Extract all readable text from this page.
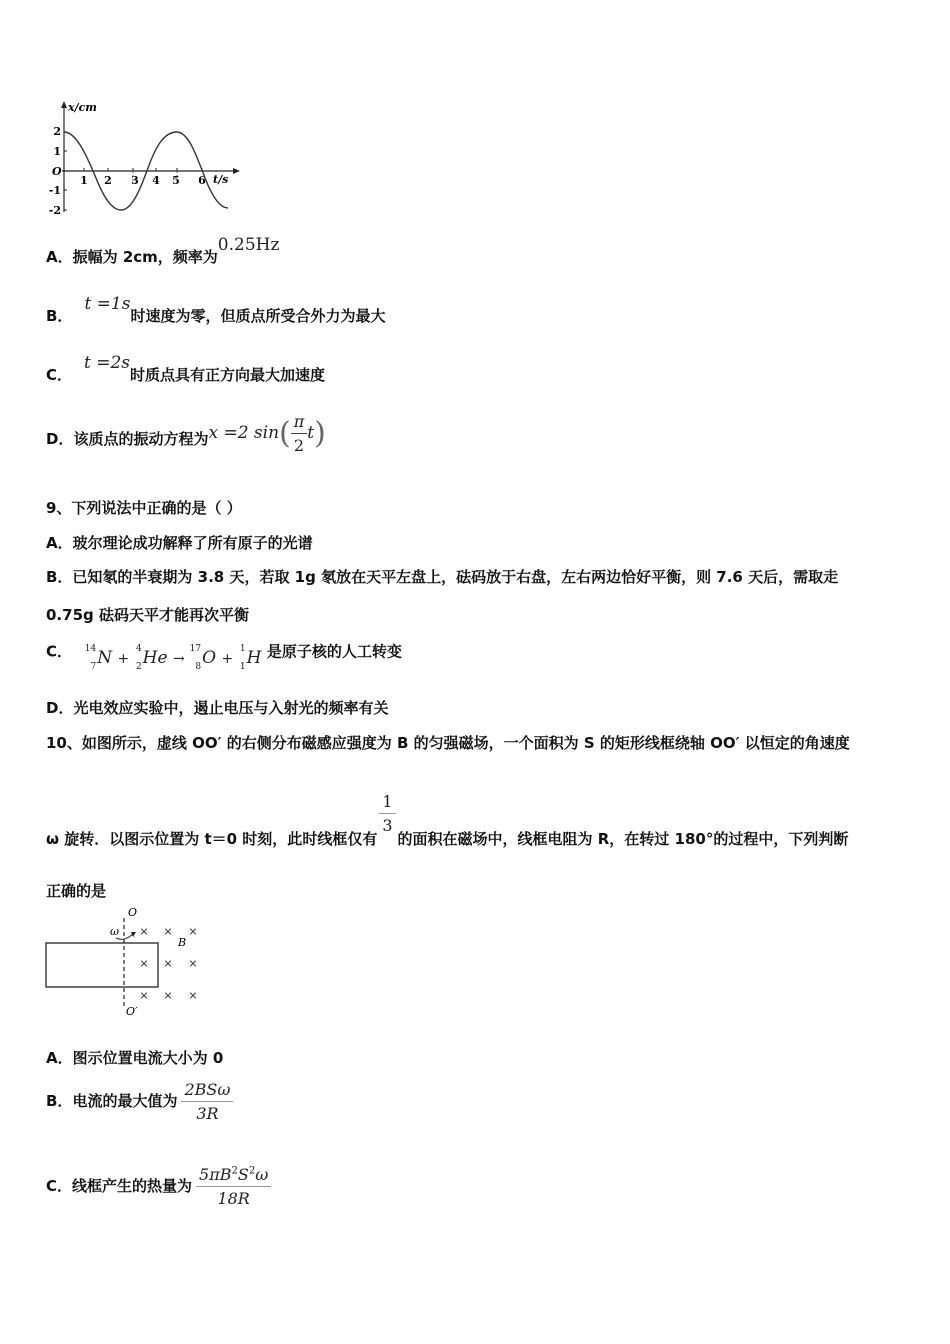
x/cm
t/s
O
2
1
-1
-2
1 2 3 4 5 6
A．振幅为 2cm，频率为0.25Hz
B．t =1s时速度为零，但质点所受合外力为最大
C．t =2s时质点具有正方向最大加速度
D．该质点的振动方程为x =2 $\sin( \frac{\pi}{2} t)$
9、下列说法中正确的是（ ）
A．玻尔理论成功解释了所有原子的光谱
B．已知氡的半衰期为 3.8 天，若取 1g 氡放在天平左盘上，砝码放于右盘，左右两边恰好平衡，则 7.6 天后，需取走
0.75g 砝码天平才能再次平衡
C． 14
7 N +
4
2 He →
17
8 O +
1
1 H 是原子核的人工转变
D．光电效应实验中，遏止电压与入射光的频率有关
10、如图所示，虚线 OO′ 的右侧分布磁感应强度为 B 的匀强磁场，一个面积为 S 的矩形线框绕轴 OO′ 以恒定的角速度
ω 旋转．以图示位置为 t＝0 时刻，此时线框仅有
$\frac{1}{3}$
的面积在磁场中，线框电阻为 R，在转过 180°的过程中，下列判断
正确的是
O
O′
ω
B
× × ×
× × ×
× × ×
A．图示位置电流大小为 0
B．电流的最大值为 $\frac{\text{2BSω}}{3R}$
C．线框产生的热量为 $\frac{5\pi B^2S^2\omega}{18R}$
